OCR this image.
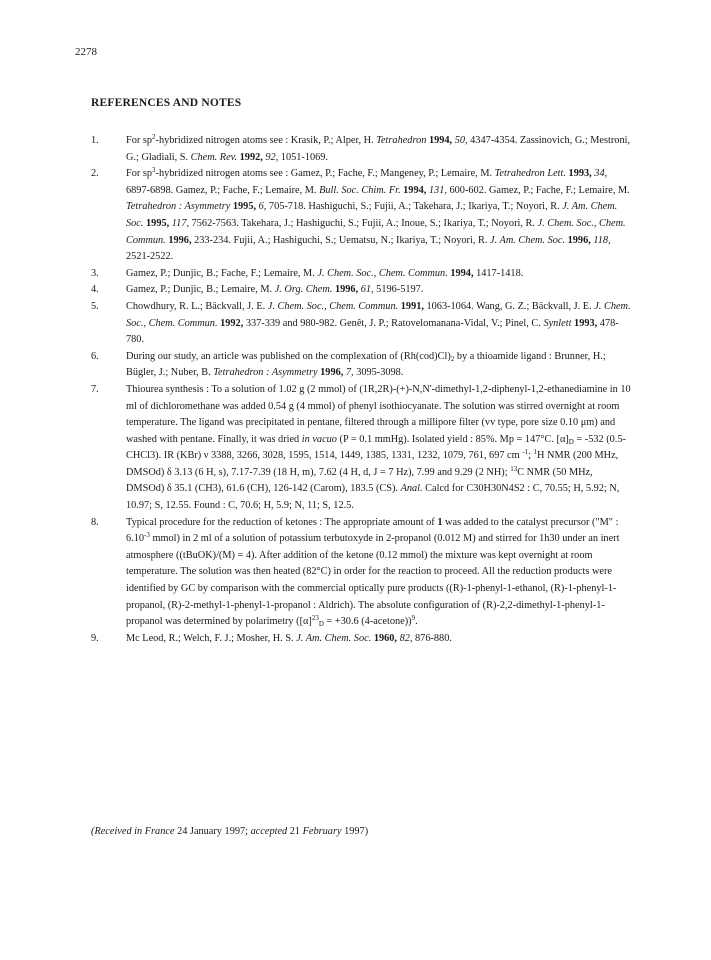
2278
REFERENCES AND NOTES
1.	For $sp^2$-hybridized nitrogen atoms see : Krasik, P.; Alper, H. Tetrahedron 1994, 50, 4347-4354. Zassinovich, G.; Mestroni, G.; Gladiali, S. Chem. Rev. 1992, 92, 1051-1069.
2.	For $sp^3$-hybridized nitrogen atoms see : Gamez, P.; Fache, F.; Mangeney, P.; Lemaire, M. Tetrahedron Lett. 1993, 34, 6897-6898. Gamez, P.; Fache, F.; Lemaire, M. Bull. Soc. Chim. Fr. 1994, 131, 600-602. Gamez, P.; Fache, F.; Lemaire, M. Tetrahedron : Asymmetry 1995, 6, 705-718. Hashiguchi, S.; Fujii, A.; Takehara, J.; Ikariya, T.; Noyori, R. J. Am. Chem. Soc. 1995, 117, 7562-7563. Takehara, J.; Hashiguchi, S.; Fujii, A.; Inoue, S.; Ikariya, T.; Noyori, R. J. Chem. Soc., Chem. Commun. 1996, 233-234. Fujii, A.; Hashiguchi, S.; Uematsu, N.; Ikariya, T.; Noyori, R. J. Am. Chem. Soc. 1996, 118, 2521-2522.
3.	Gamez, P.; Dunjic, B.; Fache, F.; Lemaire, M. J. Chem. Soc., Chem. Commun. 1994, 1417-1418.
4.	Gamez, P.; Dunjic, B.; Lemaire, M. J. Org. Chem. 1996, 61, 5196-5197.
5.	Chowdhury, R. L.; Bäckvall, J. E. J. Chem. Soc., Chem. Commun. 1991, 1063-1064. Wang, G. Z.; Bäckvall, J. E. J. Chem. Soc., Chem. Commun. 1992, 337-339 and 980-982. Genêt, J. P.; Ratovelomanana-Vidal, V.; Pinel, C. Synlett 1993, 478-780.
6.	During our study, an article was published on the complexation of $(Rh(cod)Cl)_2$ by a thioamide ligand : Brunner, H.; Bügler, J.; Nuber, B. Tetrahedron : Asymmetry 1996, 7, 3095-3098.
7.	Thiourea synthesis : To a solution of 1.02 g (2 mmol) of (1R,2R)-(+)-N,N'-dimethyl-1,2-diphenyl-1,2-ethanediamine in 10 ml of dichloromethane was added 0.54 g (4 mmol) of phenyl isothiocyanate. The solution was stirred overnight at room temperature. The ligand was precipitated in pentane, filtered through a millipore filter (vv type, pore size 0.10 μm) and washed with pentane. Finally, it was dried in vacuo (P = 0.1 mmHg). Isolated yield : 85%. Mp = 147°C. $[\alpha]_D = -532$ (0.5-CHCl3). IR (KBr) ν 3388, 3266, 3028, 1595, 1514, 1449, 1385, 1331, 1232, 1079, 761, 697 cm $^{-1}$; $^1$H NMR (200 MHz, DMSOd) δ 3.13 (6 H, s), 7.17-7.39 (18 H, m), 7.62 (4 H, d, J = 7 Hz), 7.99 and 9.29 (2 NH); $^{13}$C NMR (50 MHz, DMSOd) δ 35.1 (CH3), 61.6 (CH), 126-142 (Carom), 183.5 (CS). Anal. Calcd for C30H30N4S2 : C, 70.55; H, 5.92; N, 10.97; S, 12.55. Found : C, 70.6; H, 5.9; N, 11; S, 12.5.
8.	Typical procedure for the reduction of ketones : The appropriate amount of 1 was added to the catalyst precursor ("M" : $6.10^{-3}$ mmol) in 2 ml of a solution of potassium terbutoxyde in 2-propanol (0.012 M) and stirred for 1h30 under an inert atmosphere ((tBuOK)/(M) = 4). After addition of the ketone (0.12 mmol) the mixture was kept overnight at room temperature. The solution was then heated (82°C) in order for the reaction to proceed. All the reduction products were identified by GC by comparison with the commercial optically pure products ((R)-1-phenyl-1-ethanol, (R)-1-phenyl-1-propanol, (R)-2-methyl-1-phenyl-1-propanol : Aldrich). The absolute configuration of (R)-2,2-dimethyl-1-phenyl-1-propanol was determined by polarimetry ($[\alpha]^{23}_D = +30.6$ (4-acetone))$^9$.
9.	Mc Leod, R.; Welch, F. J.; Mosher, H. S. J. Am. Chem. Soc. 1960, 82, 876-880.
(Received in France 24 January 1997; accepted 21 February 1997)
